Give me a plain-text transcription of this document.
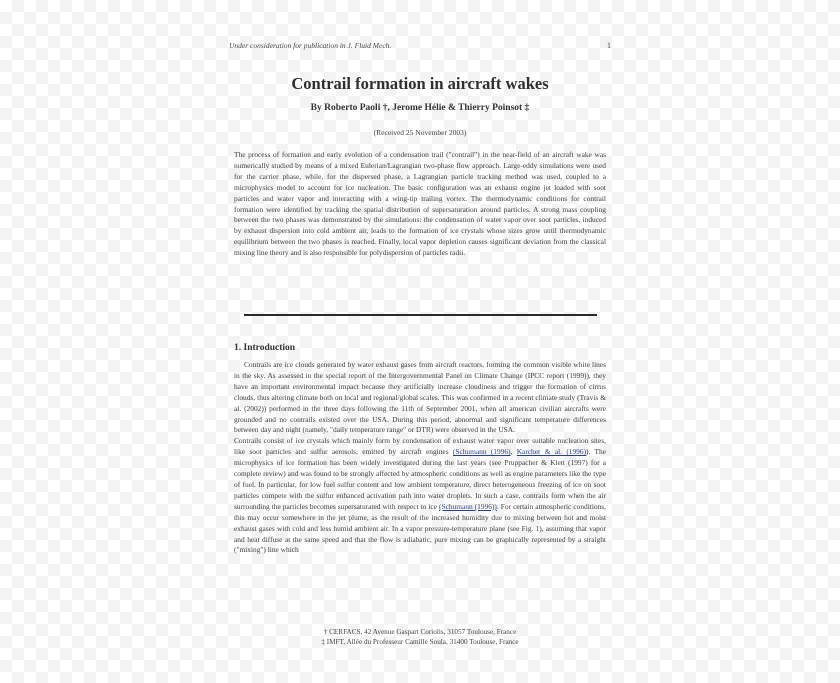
Under consideration for publication in J. Fluid Mech.	1
Contrail formation in aircraft wakes
By Roberto Paoli †, Jerome Hélie & Thierry Poinsot ‡
(Received 25 November 2003)
The process of formation and early evolution of a condensation trail ("contrail") in the near-field of an aircraft wake was numerically studied by means of a mixed Eulerian/Lagrangian two-phase flow approach. Large-eddy simulations were used for the carrier phase, while, for the dispersed phase, a Lagrangian particle tracking method was used, coupled to a microphysics model to account for ice nucleation. The basic configuration was an exhaust engine jet loaded with soot particles and water vapor and interacting with a wing-tip trailing vortex. The thermodynamic conditions for contrail formation were identified by tracking the spatial distribution of supersaturation around particles. A strong mass coupling between the two phases was demonstrated by the simulations: the condensation of water vapor over soot particles, induced by exhaust dispersion into cold ambient air, leads to the formation of ice crystals whose sizes grow until thermodynamic equilibrium between the two phases is reached. Finally, local vapor depletion causes significant deviation from the classical mixing line theory and is also responsible for polydispersion of particles radii.
1. Introduction

Contrails are ice clouds generated by water exhaust gases from aircraft reactors, forming the common visible white lines in the sky. As assessed in the special report of the Intergovernmental Panel on Climate Change (IPCC report (1999)), they have an important environmental impact because they artificially increase cloudiness and trigger the formation of cirrus clouds, thus altering climate both on local and regional/global scales. This was confirmed in a recent climate study (Travis & al. (2002)) performed in the three days following the 11th of September 2001, when all american civilian aircrafts were grounded and no contrails existed over the USA. During this period, abnormal and significant temperature differences between day and night (namely, "daily temperature range" or DTR) were observed in the USA.

Contrails consist of ice crystals which mainly form by condensation of exhaust water vapor over suitable nucleation sites, like soot particles and sulfur aerosols, emitted by aircraft engines (Schumann (1996), Karcher & al. (1996)). The microphysics of ice formation has been widely investigated during the last years (see Pruppacher & Klett (1997) for a complete review) and was found to be strongly affected by atmospheric conditions as well as engine parameters like the type of fuel. In particular, for low fuel sulfur content and low ambient temperature, direct heterogeneous freezing of ice on soot particles compete with the sulfur enhanced activation path into water droplets. In such a case, contrails form when the air surrounding the particles becomes supersaturated with respect to ice (Schumann (1996)). For certain atmospheric conditions, this may occur somewhere in the jet plume, as the result of the increased humidity due to mixing between hot and moist exhaust gases with cold and less humid ambient air. In a vapor pressure-temperature plane (see Fig. 1), assuming that vapor and heat diffuse at the same speed and that the flow is adiabatic, pure mixing can be graphically represented by a straight ("mixing") line which

† CERFACS, 42 Avenue Gaspart Coriolis, 31057 Toulouse, France
‡ IMFT, Allée du Professeur Camille Soula, 31400 Toulouse, France
